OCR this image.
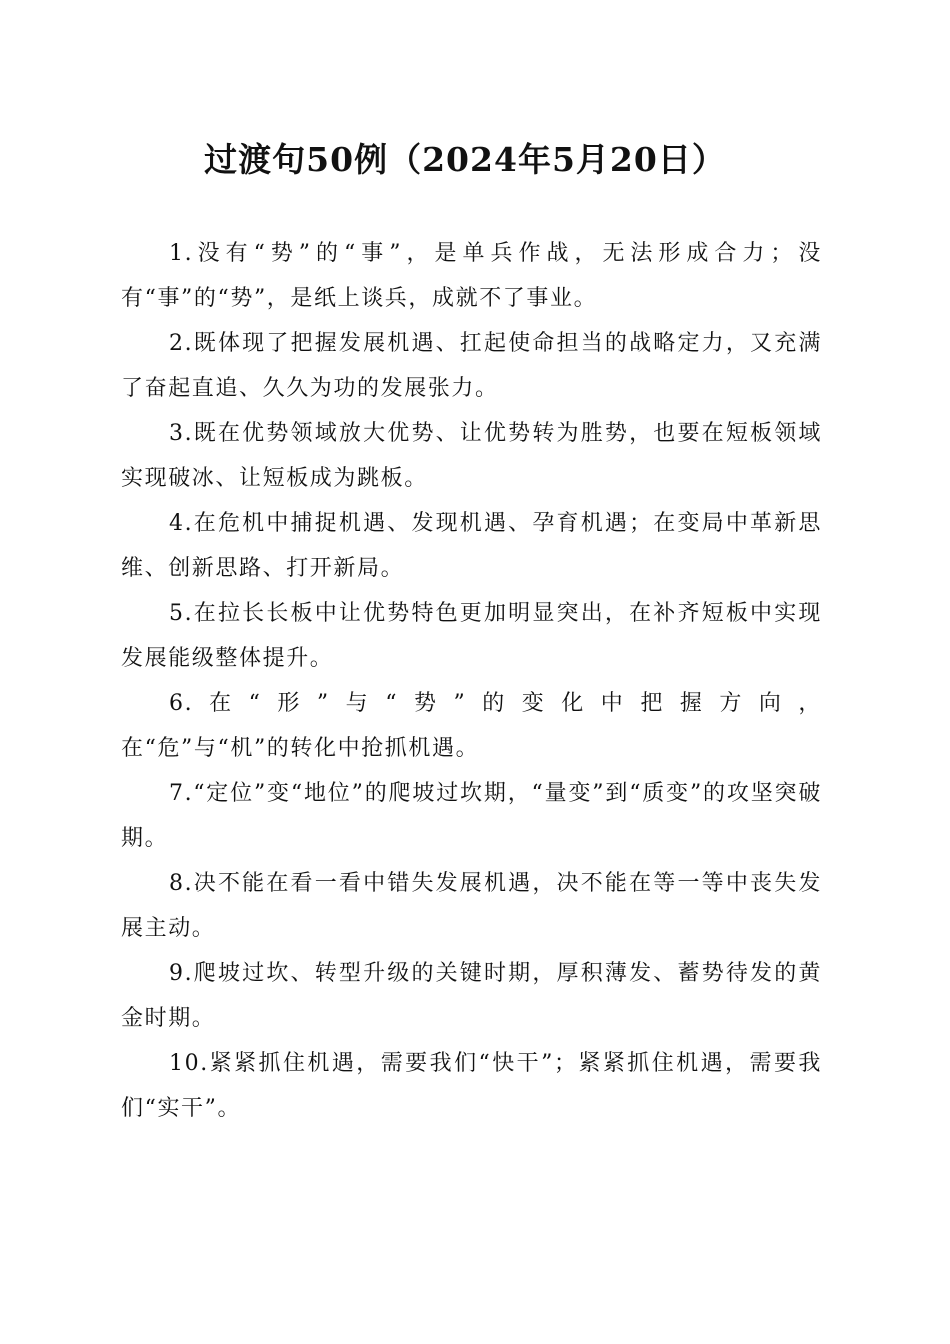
过渡句50例（2024年5月20日）

1.没有“势”的“事”，是单兵作战，无法形成合力；没有“事”的“势”，是纸上谈兵，成就不了事业。

2.既体现了把握发展机遇、扛起使命担当的战略定力，又充满了奋起直追、久久为功的发展张力。

3.既在优势领域放大优势、让优势转为胜势，也要在短板领域实现破冰、让短板成为跳板。

4.在危机中捕捉机遇、发现机遇、孕育机遇；在变局中革新思维、创新思路、打开新局。

5.在拉长长板中让优势特色更加明显突出，在补齐短板中实现发展能级整体提升。

6.在“形”与“势”的变化中把握方向，
在“危”与“机”的转化中抢抓机遇。

7.“定位”变“地位”的爬坡过坎期，“量变”到“质变”的攻坚突破期。

8.决不能在看一看中错失发展机遇，决不能在等一等中丧失发展主动。

9.爬坡过坎、转型升级的关键时期，厚积薄发、蓄势待发的黄金时期。

10.紧紧抓住机遇，需要我们“快干”；紧紧抓住机遇，需要我们“实干”。
